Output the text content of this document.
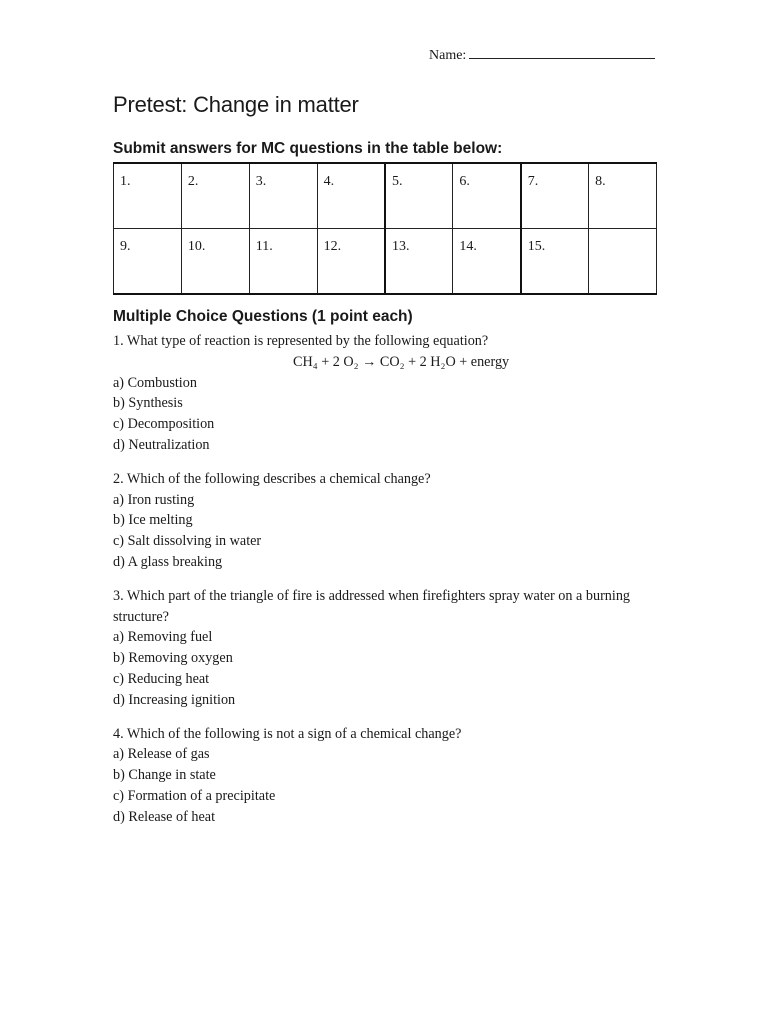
Name:
Pretest: Change in matter
Submit answers for MC questions in the table below:
1.	2.	3.	4.	5.	6.	7.	8.
9.	10.	11.	12.	13.	14.	15.	
Multiple Choice Questions (1 point each)

1. What type of reaction is represented by the following equation?

CH₄ + 2 O₂ → CO₂ + 2 H₂O + energy

a) Combustion

b) Synthesis

c) Decomposition

d) Neutralization

2. Which of the following describes a chemical change?

a) Iron rusting

b) Ice melting

c) Salt dissolving in water

d) A glass breaking

3. Which part of the triangle of fire is addressed when firefighters spray water on a burning structure?

a) Removing fuel

b) Removing oxygen

c) Reducing heat

d) Increasing ignition

4. Which of the following is not a sign of a chemical change?

a) Release of gas

b) Change in state

c) Formation of a precipitate

d) Release of heat
